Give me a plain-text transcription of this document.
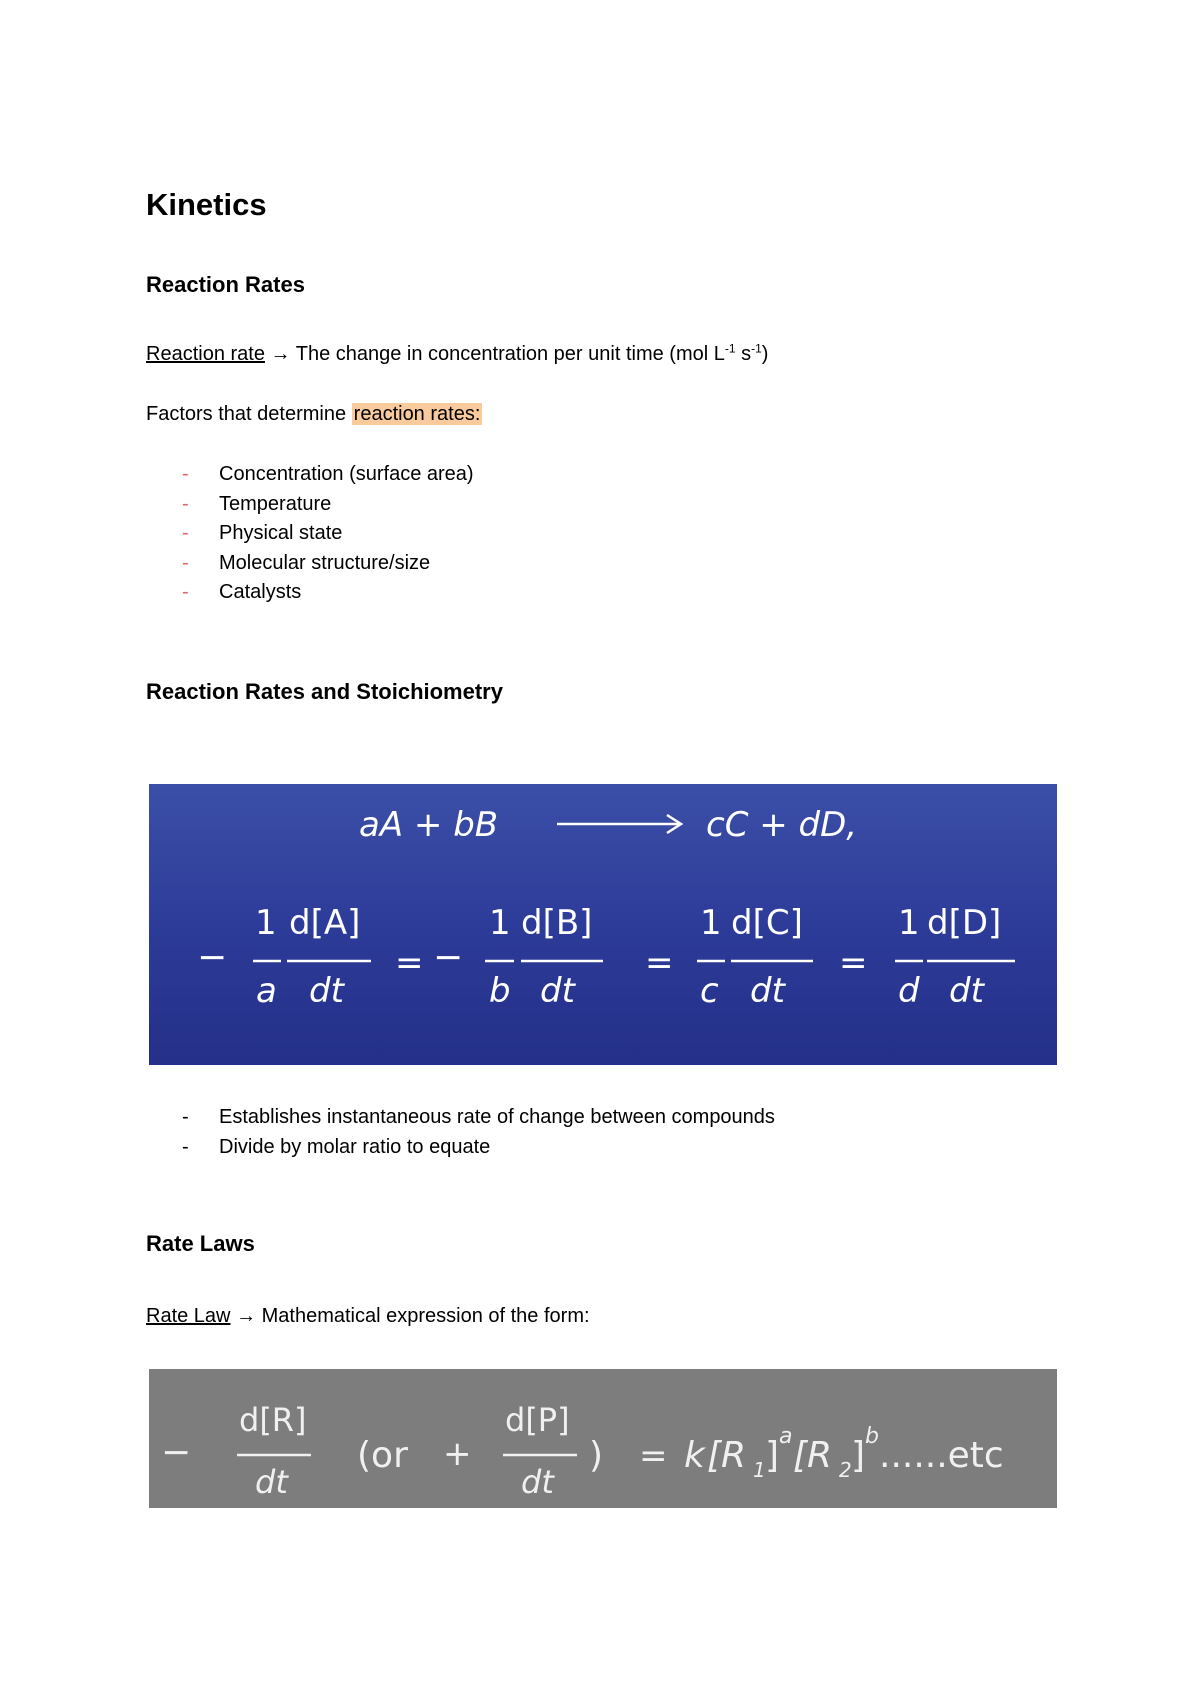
Kinetics
Reaction Rates
Reaction rate → The change in concentration per unit time (mol $L^{-1}$ $s^{-1}$)
Factors that determine reaction rates:
- Concentration (surface area)
- Temperature
- Physical state
- Molecular structure/size
- Catalysts
Reaction Rates and Stoichiometry
aA + bB	cC + dD,
−
1
a
d[A]
dt
= −
1
b
d[B]
dt
=
1
c
d[C]
dt
=
1
d
d[D]
dt
- Establishes instantaneous rate of change between compounds
- Divide by molar ratio to equate
Rate Laws
Rate Law → Mathematical expression of the form:
−
d[R]
dt
(or +
d[P]
dt
) = k [R 1 ] a [R 2 ] b ......etc
